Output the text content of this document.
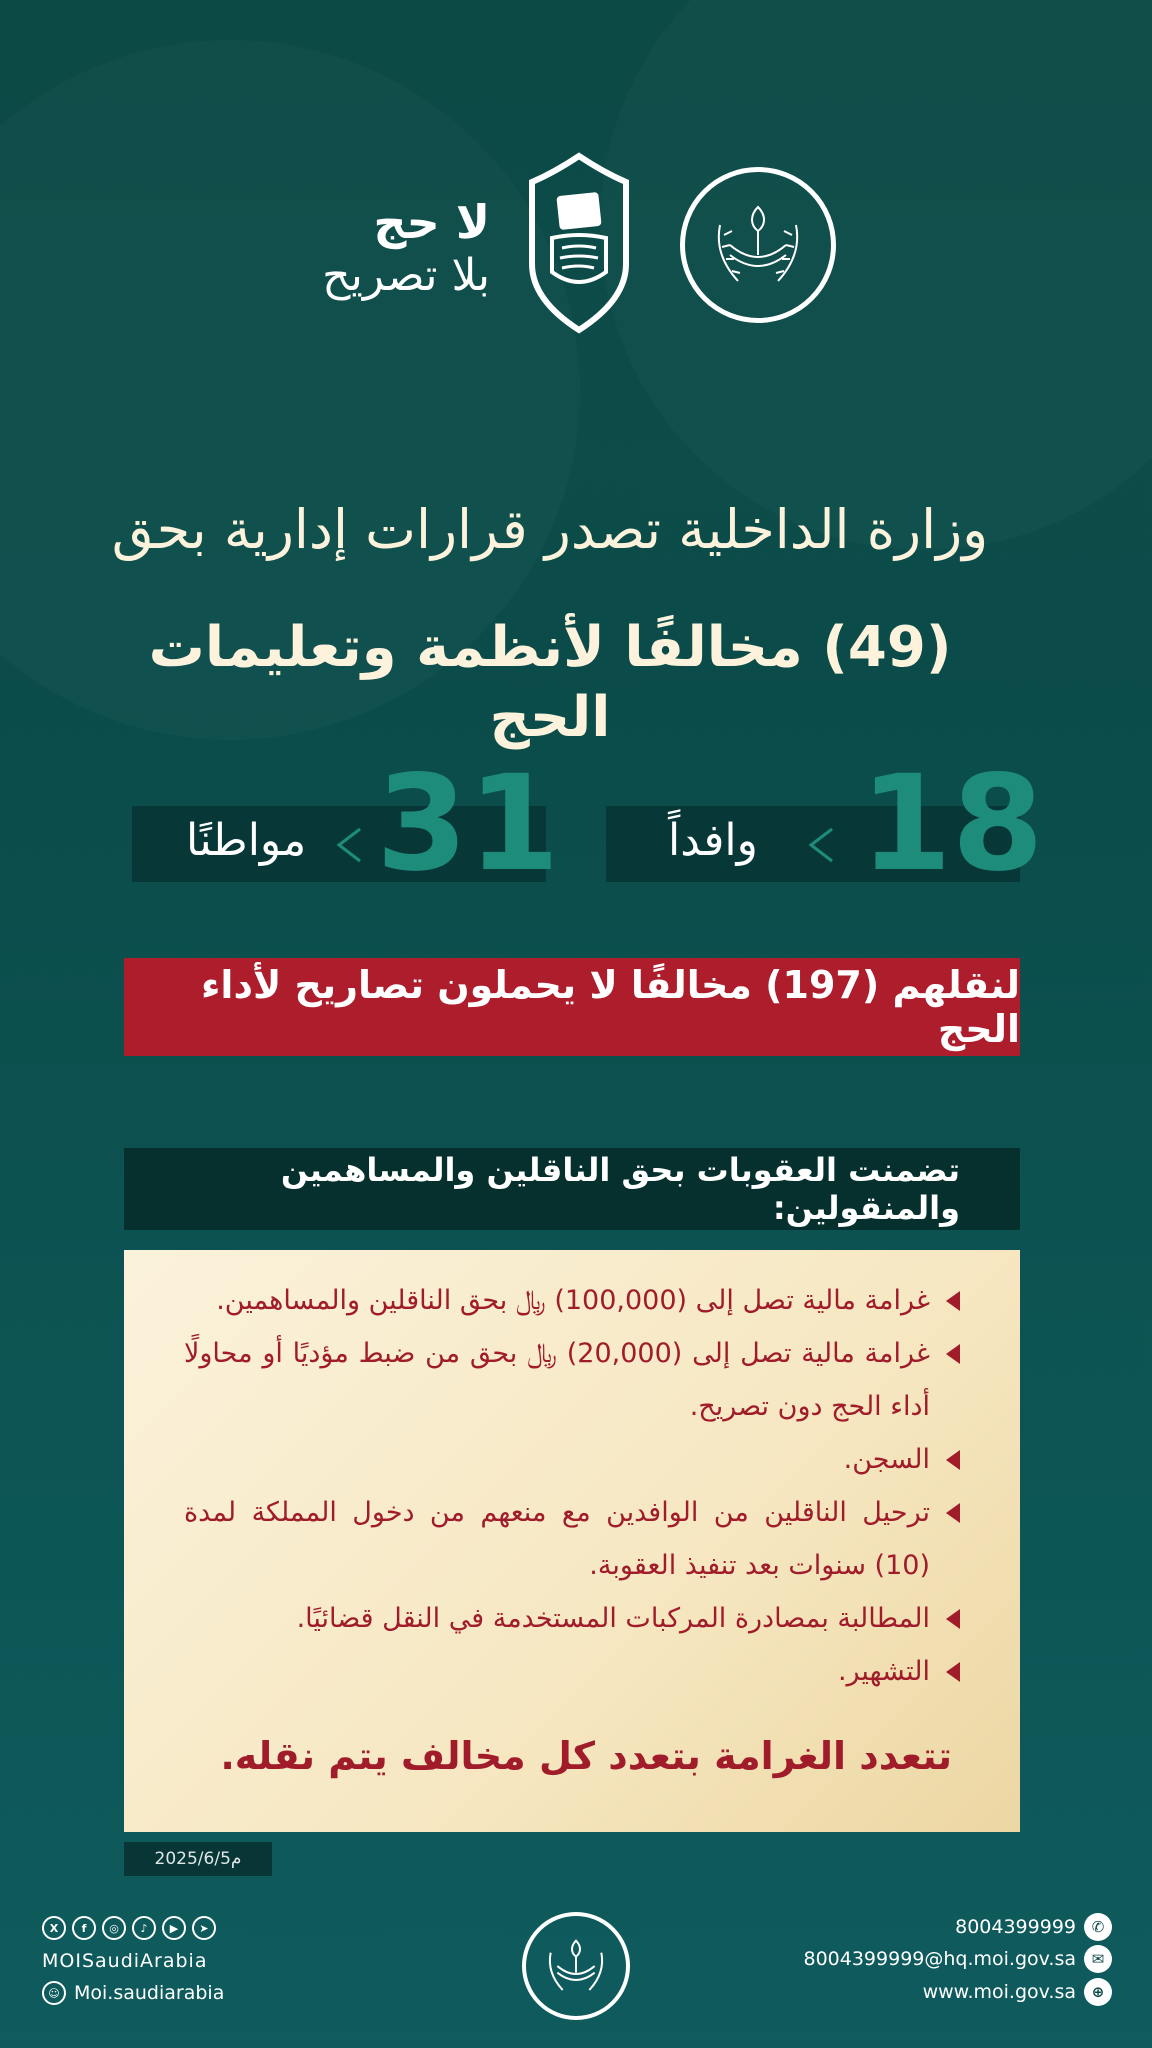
لا حج
بلا تصريح
وزارة الداخلية تصدر قرارات إدارية بحق
(49) مخالفًا لأنظمة وتعليمات الحج
18
وافداً
31
مواطنًا
لنقلهم (197) مخالفًا لا يحملون تصاريح لأداء الحج
تضمنت العقوبات بحق الناقلين والمساهمين والمنقولين:
غرامة مالية تصل إلى (100,000) ﷼ بحق الناقلين والمساهمين.
غرامة مالية تصل إلى (20,000) ﷼ بحق من ضبط مؤديًا أو محاولًا أداء الحج دون تصريح.
السجن.
ترحيل الناقلين من الوافدين مع منعهم من دخول المملكة لمدة (10) سنوات بعد تنفيذ العقوبة.
المطالبة بمصادرة المركبات المستخدمة في النقل قضائيًا.
التشهير.
تتعدد الغرامة بتعدد كل مخالف يتم نقله.
2025/6/5م
X	f	◎	♪	▶	➤
MOISaudiArabia
☺ Moi.saudiarabia
8004399999	✆
8004399999@hq.moi.gov.sa	✉
www.moi.gov.sa	⊕
